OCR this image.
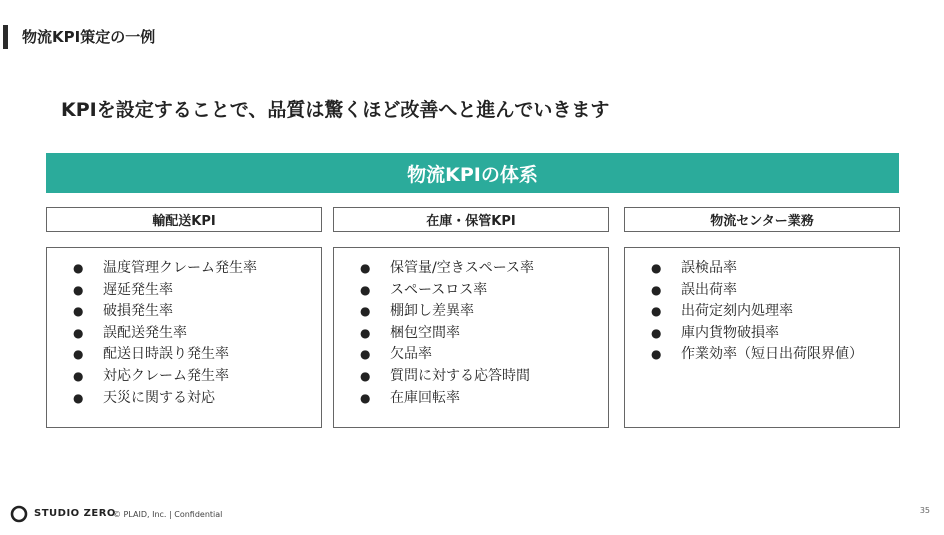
物流KPI策定の一例
KPIを設定することで、品質は驚くほど改善へと進んでいきます
物流KPIの体系
輸配送KPI	在庫・保管KPI	物流センター業務
● 温度管理クレーム発生率
● 遅延発生率
● 破損発生率
● 誤配送発生率
● 配送日時誤り発生率
● 対応クレーム発生率
● 天災に関する対応
● 保管量/空きスペース率
● スペースロス率
● 棚卸し差異率
● 梱包空間率
● 欠品率
● 質問に対する応答時間
● 在庫回転率
● 誤検品率
● 誤出荷率
● 出荷定刻内処理率
● 庫内貨物破損率
● 作業効率（短日出荷限界値）
STUDIO ZERO
© PLAID, Inc. | Confidential	35
